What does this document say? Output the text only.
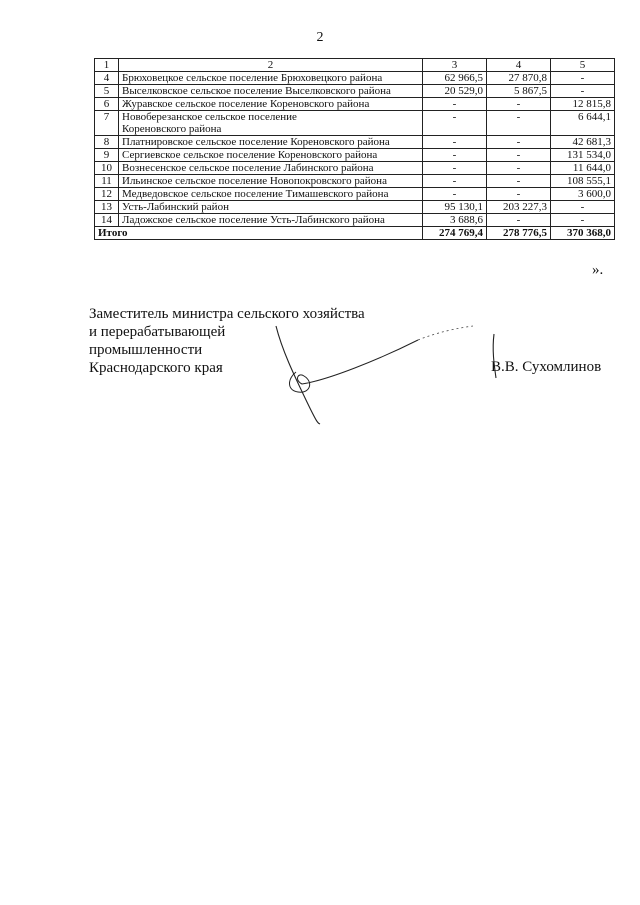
2
1	2	3	4	5
4	Брюховецкое сельское поселение Брюховецкого района	62 966,5	27 870,8	-
5	Выселковское сельское поселение Выселковского района	20 529,0	5 867,5	-
6	Журавское сельское поселение Кореновского района	-	-	12 815,8
7	Новоберезанское сельское поселение
Кореновского района	-	-	6 644,1
8	Платнировское сельское поселение Кореновского района	-	-	42 681,3
9	Сергиевское сельское поселение Кореновского района	-	-	131 534,0
10	Вознесенское сельское поселение Лабинского района	-	-	11 644,0
11	Ильинское сельское поселение Новопокровского района	-	-	108 555,1
12	Медведовское сельское поселение Тимашевского района	-	-	3 600,0
13	Усть-Лабинский район	95 130,1	203 227,3	-
14	Ладожское сельское поселение Усть-Лабинского района	3 688,6	-	-
Итого		274 769,4	278 776,5	370 368,0
».
Заместитель министра сельского хозяйства
и перерабатывающей
промышленности
Краснодарского края	В.В. Сухомлинов
